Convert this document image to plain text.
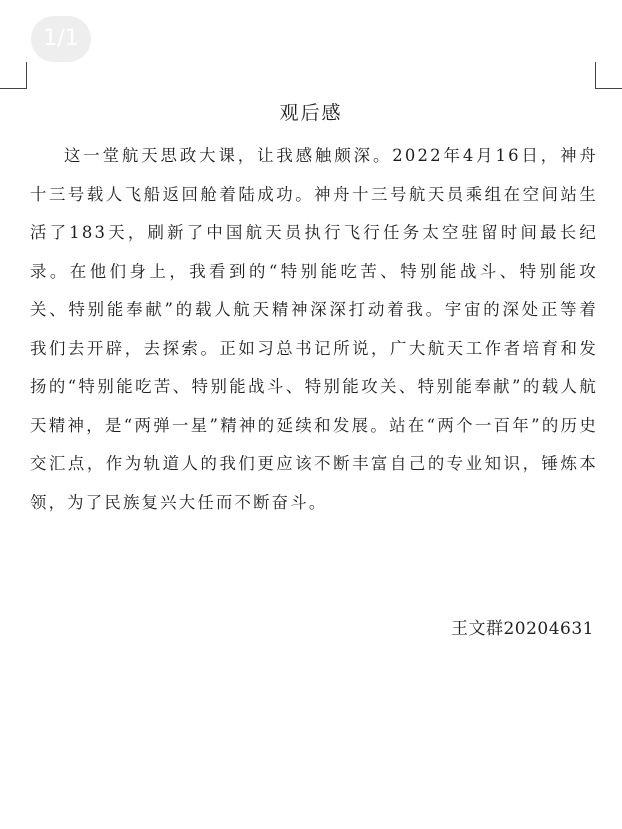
1/1
观后感

这一堂航天思政大课，让我感触颇深。2022年4月16日，神舟十三号载人飞船返回舱着陆成功。神舟十三号航天员乘组在空间站生活了183天，刷新了中国航天员执行飞行任务太空驻留时间最长纪录。在他们身上，我看到的“特别能吃苦、特别能战斗、特别能攻关、特别能奉献”的载人航天精神深深打动着我。宇宙的深处正等着我们去开辟，去探索。正如习总书记所说，广大航天工作者培育和发扬的“特别能吃苦、特别能战斗、特别能攻关、特别能奉献”的载人航天精神，是“两弹一星”精神的延续和发展。站在“两个一百年”的历史交汇点，作为轨道人的我们更应该不断丰富自己的专业知识，锤炼本领，为了民族复兴大任而不断奋斗。

王文群20204631
